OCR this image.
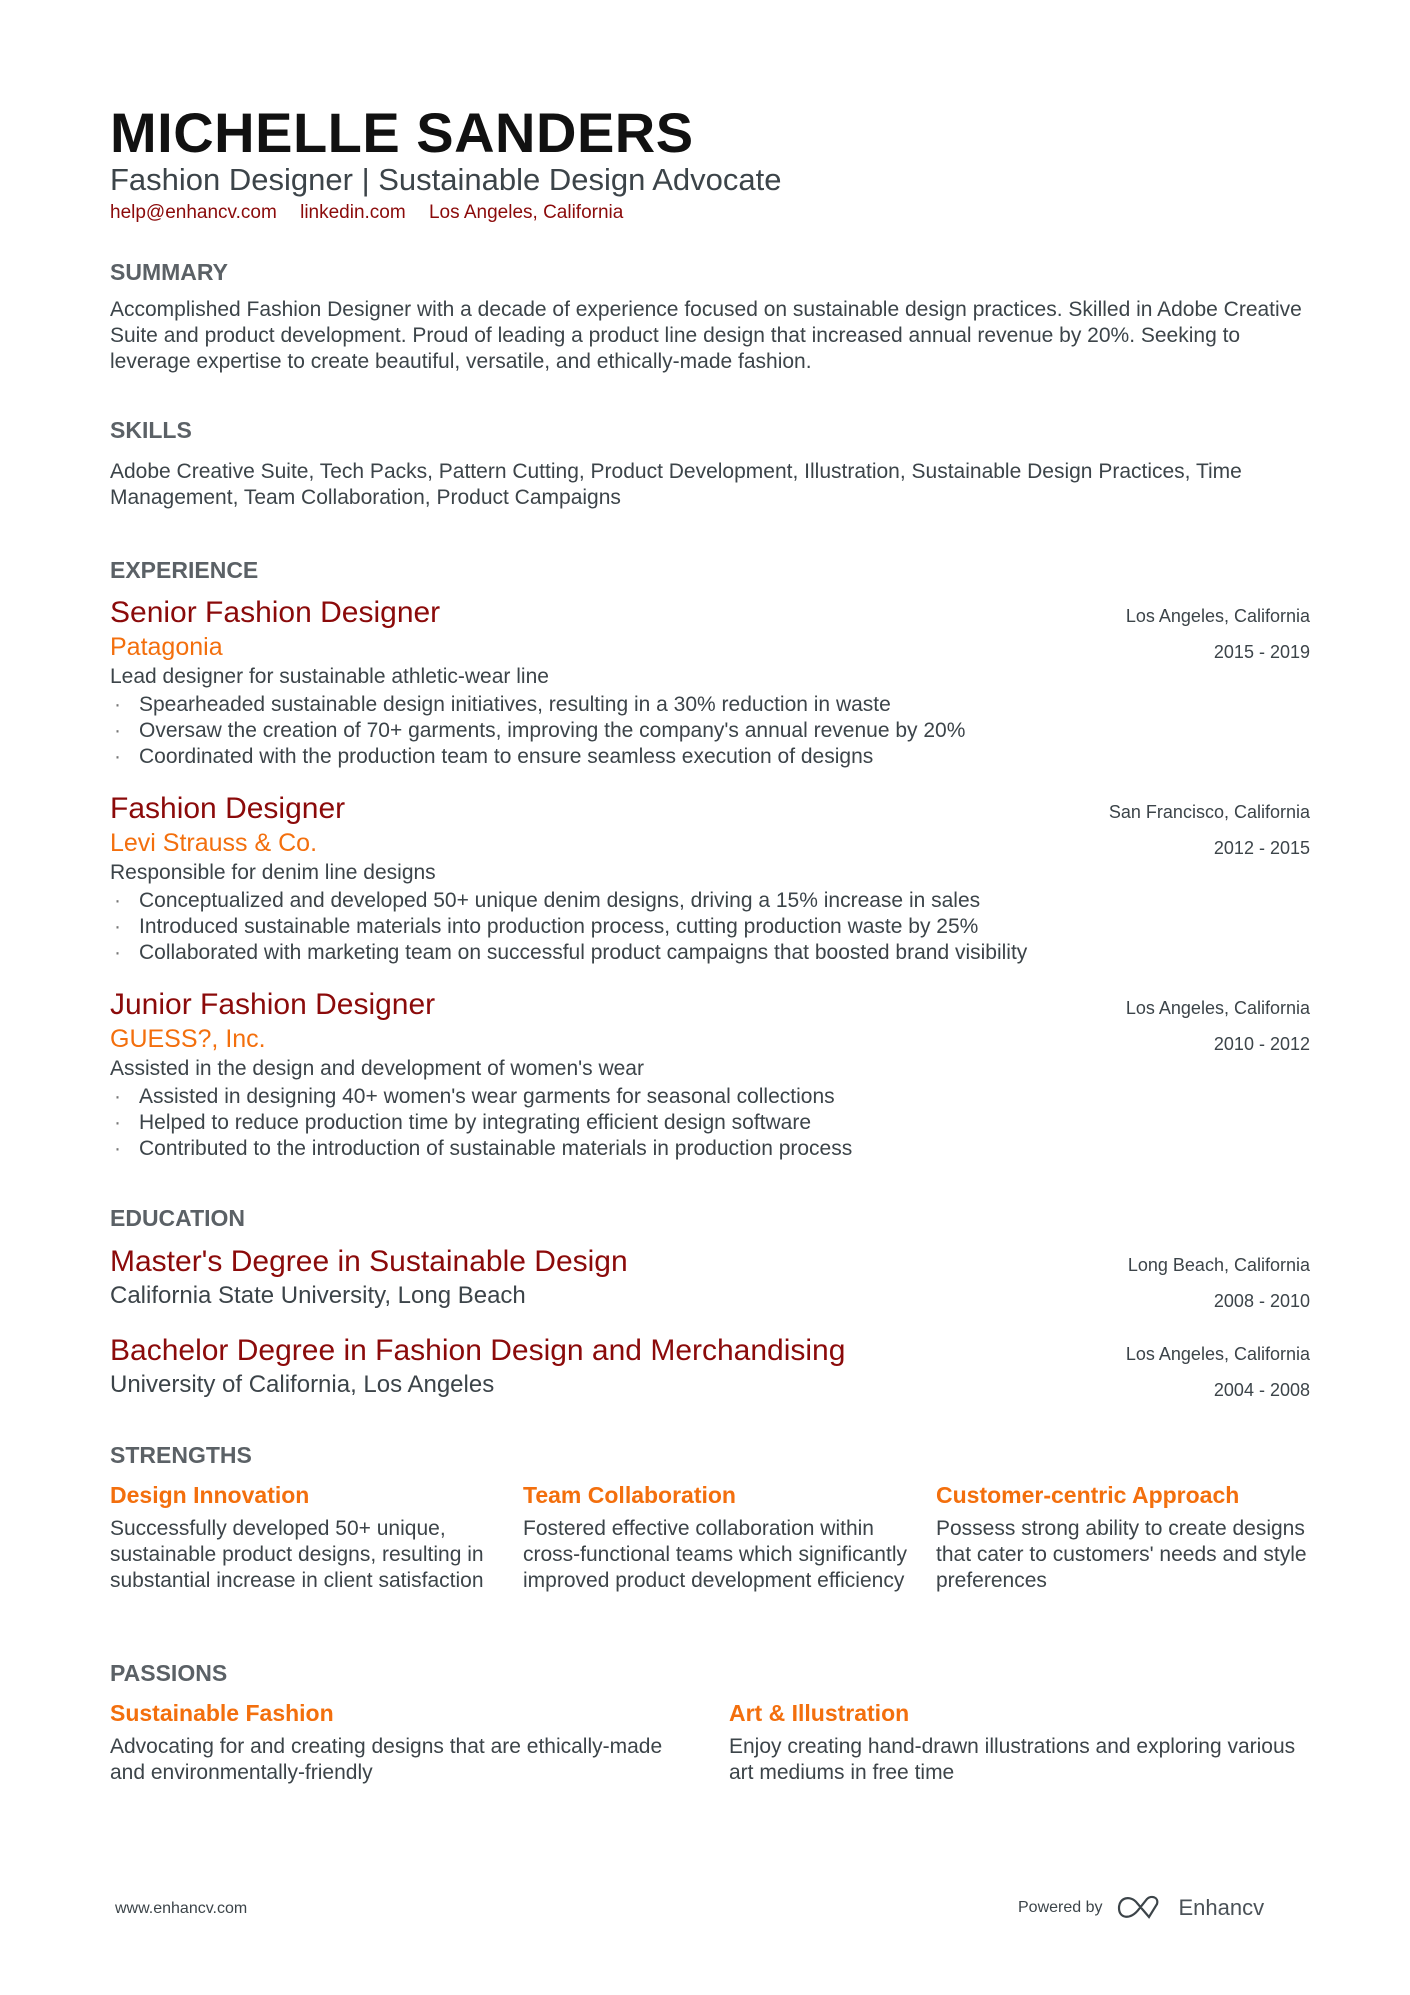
MICHELLE SANDERS
Fashion Designer | Sustainable Design Advocate
help@enhancv.com linkedin.com Los Angeles, California
SUMMARY
Accomplished Fashion Designer with a decade of experience focused on sustainable design practices. Skilled in Adobe Creative Suite and product development. Proud of leading a product line design that increased annual revenue by 20%. Seeking to leverage expertise to create beautiful, versatile, and ethically-made fashion.
SKILLS
Adobe Creative Suite, Tech Packs, Pattern Cutting, Product Development, Illustration, Sustainable Design Practices, Time Management, Team Collaboration, Product Campaigns
EXPERIENCE
Senior Fashion Designer
Patagonia
Lead designer for sustainable athletic-wear line
· Spearheaded sustainable design initiatives, resulting in a 30% reduction in waste
· Oversaw the creation of 70+ garments, improving the company's annual revenue by 20%
· Coordinated with the production team to ensure seamless execution of designs
Los Angeles, California
2015 - 2019
Fashion Designer
Levi Strauss & Co.
Responsible for denim line designs
· Conceptualized and developed 50+ unique denim designs, driving a 15% increase in sales
· Introduced sustainable materials into production process, cutting production waste by 25%
· Collaborated with marketing team on successful product campaigns that boosted brand visibility
San Francisco, California
2012 - 2015
Junior Fashion Designer
GUESS?, Inc.
Assisted in the design and development of women's wear
· Assisted in designing 40+ women's wear garments for seasonal collections
· Helped to reduce production time by integrating efficient design software
· Contributed to the introduction of sustainable materials in production process
Los Angeles, California
2010 - 2012
EDUCATION
Master's Degree in Sustainable Design
California State University, Long Beach
Long Beach, California
2008 - 2010
Bachelor Degree in Fashion Design and Merchandising
University of California, Los Angeles
Los Angeles, California
2004 - 2008
STRENGTHS
Design Innovation
Successfully developed 50+ unique, sustainable product designs, resulting in substantial increase in client satisfaction
Team Collaboration
Fostered effective collaboration within cross-functional teams which significantly improved product development efficiency
Customer-centric Approach
Possess strong ability to create designs that cater to customers' needs and style preferences
PASSIONS
Sustainable Fashion
Advocating for and creating designs that are ethically-made and environmentally-friendly
Art & Illustration
Enjoy creating hand-drawn illustrations and exploring various art mediums in free time
www.enhancv.com	Powered by	Enhancv
